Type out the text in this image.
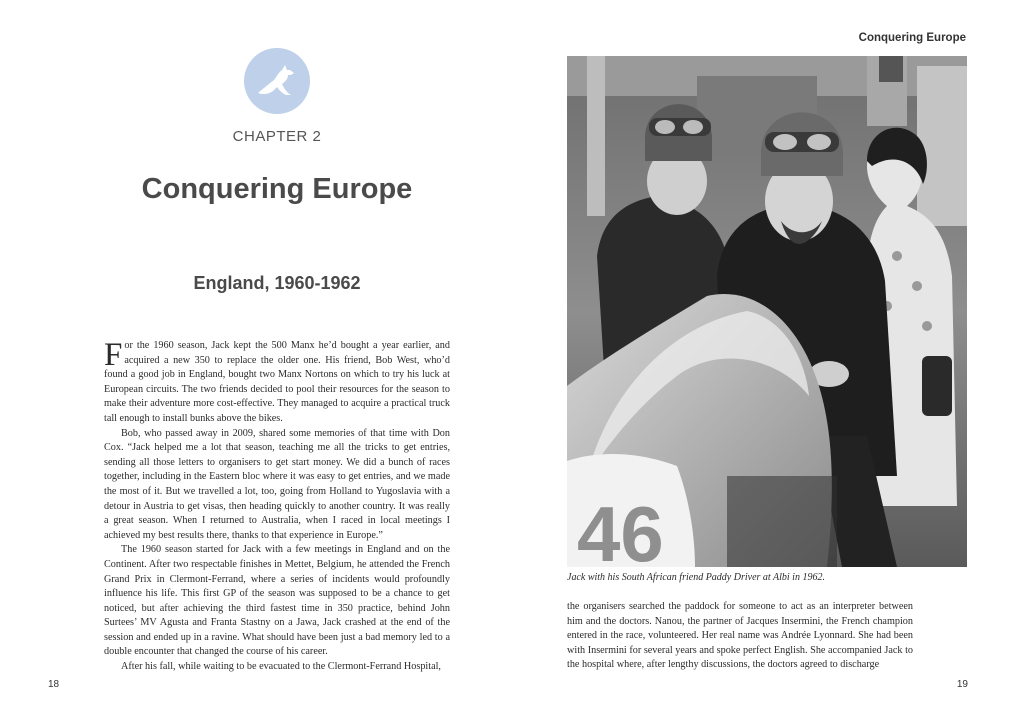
CHAPTER 2
Conquering Europe
England, 1960-1962

For the 1960 season, Jack kept the 500 Manx he’d bought a year earlier, and acquired a new 350 to replace the older one. His friend, Bob West, who’d found a good job in England, bought two Manx Nortons on which to try his luck at European circuits. The two friends decided to pool their resources for the season to make their adventure more cost-effective. They managed to acquire a practical truck tall enough to install bunks above the bikes.

Bob, who passed away in 2009, shared some memories of that time with Don Cox. “Jack helped me a lot that season, teaching me all the tricks to get entries, sending all those letters to organisers to get start money. We did a bunch of races together, including in the Eastern bloc where it was easy to get entries, and we made the most of it. But we travelled a lot, too, going from Holland to Yugoslavia with a detour in Austria to get visas, then heading quickly to another country. It was really a great season. When I returned to Australia, when I raced in local meetings I achieved my best results there, thanks to that experience in Europe.”

The 1960 season started for Jack with a few meetings in England and on the Continent. After two respectable finishes in Mettet, Belgium, he attended the French Grand Prix in Clermont-Ferrand, where a series of incidents would profoundly influence his life. This first GP of the season was supposed to be a chance to get noticed, but after achieving the third fastest time in 350 practice, behind John Surtees’ MV Agusta and Franta Stastny on a Jawa, Jack crashed at the end of the session and ended up in a ravine. What should have been just a bad memory led to a double encounter that changed the course of his career.

After his fall, while waiting to be evacuated to the Clermont-Ferrand Hospital,

18
Conquering Europe
46
Jack with his South African friend Paddy Driver at Albi in 1962.

the organisers searched the paddock for someone to act as an interpreter between him and the doctors. Nanou, the partner of Jacques Insermini, the French champion entered in the race, volunteered. Her real name was Andrée Lyonnard. She had been with Insermini for several years and spoke perfect English. She accompanied Jack to the hospital where, after lengthy discussions, the doctors agreed to discharge

19
